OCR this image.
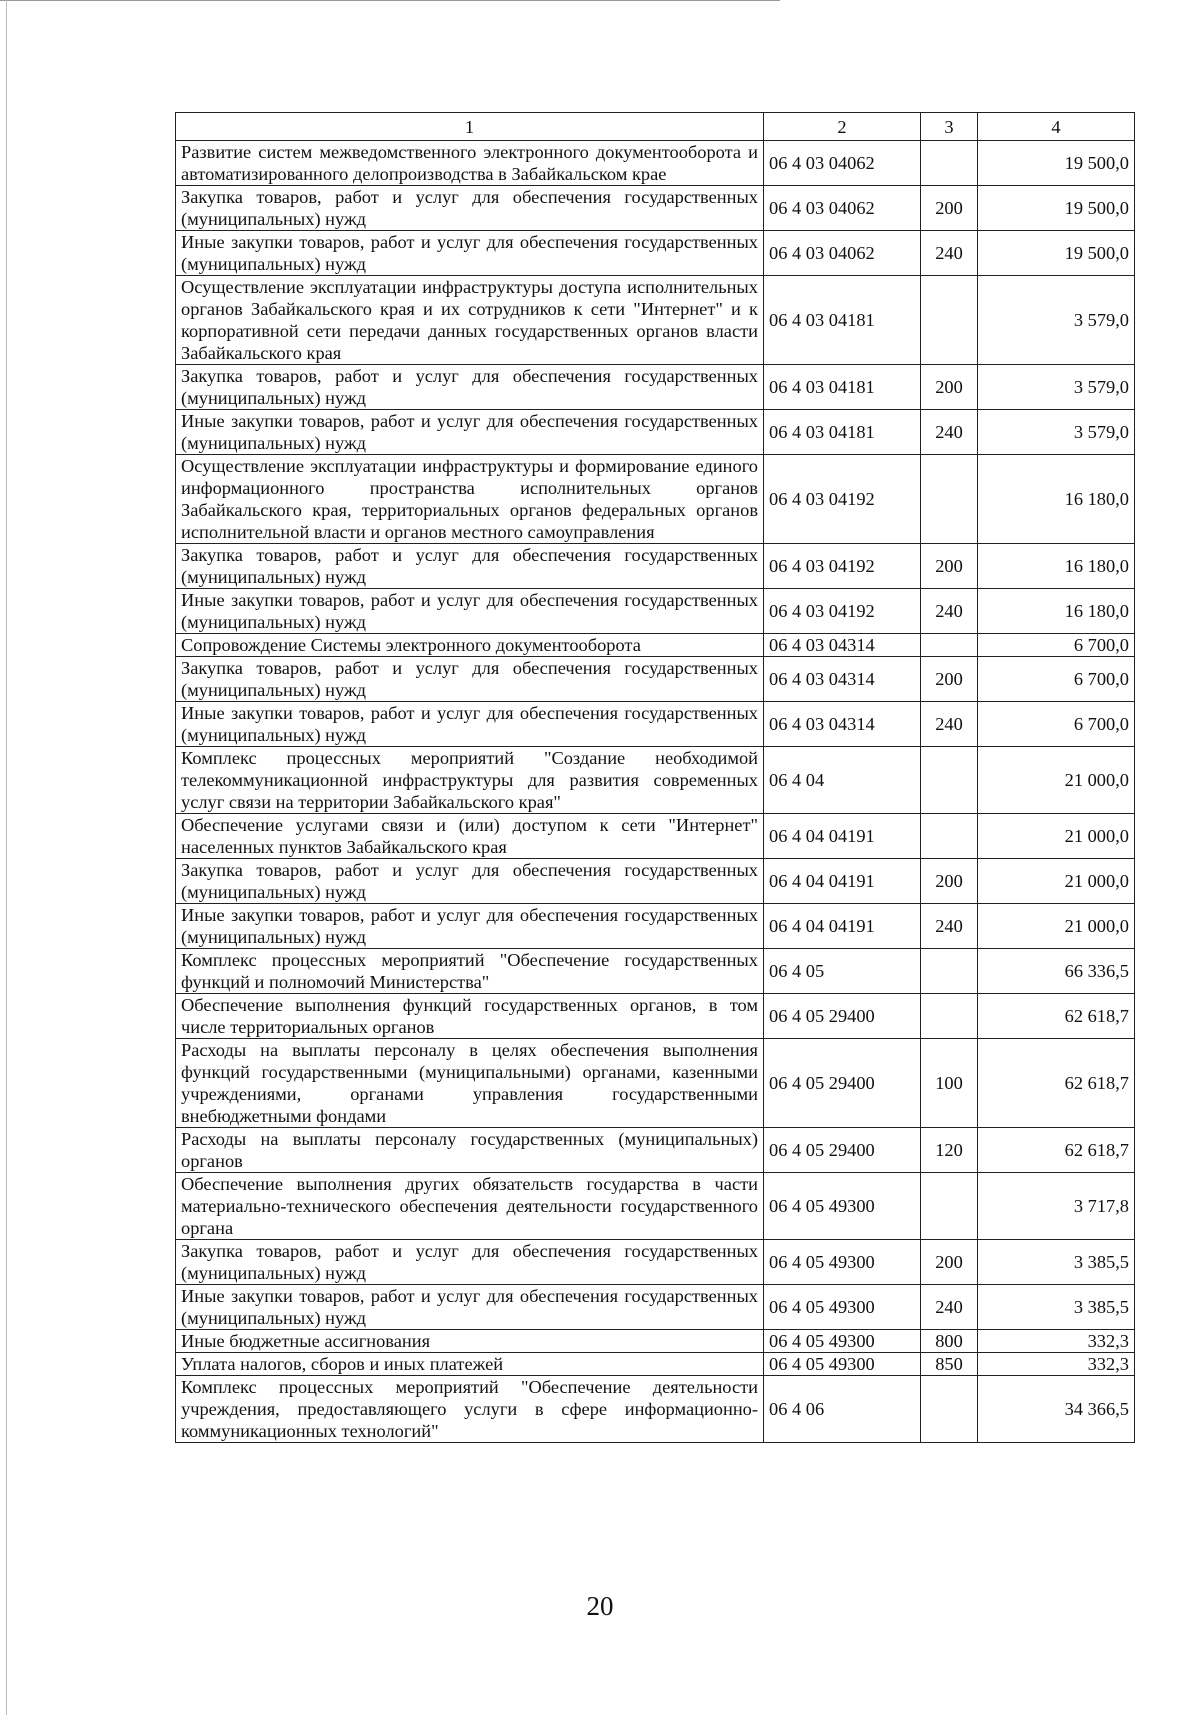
1	2	3	4
Развитие систем межведомственного электронного документооборота и автоматизированного делопроизводства в Забайкальском крае	06 4 03 04062		19 500,0
Закупка товаров, работ и услуг для обеспечения государственных (муниципальных) нужд	06 4 03 04062	200	19 500,0
Иные закупки товаров, работ и услуг для обеспечения государственных (муниципальных) нужд	06 4 03 04062	240	19 500,0
Осуществление эксплуатации инфраструктуры доступа исполнительных органов Забайкальского края и их сотрудников к сети "Интернет" и к корпоративной сети передачи данных государственных органов власти Забайкальского края	06 4 03 04181		3 579,0
Закупка товаров, работ и услуг для обеспечения государственных (муниципальных) нужд	06 4 03 04181	200	3 579,0
Иные закупки товаров, работ и услуг для обеспечения государственных (муниципальных) нужд	06 4 03 04181	240	3 579,0
Осуществление эксплуатации инфраструктуры и формирование единого информационного пространства исполнительных органов Забайкальского края, территориальных органов федеральных органов исполнительной власти и органов местного самоуправления	06 4 03 04192		16 180,0
Закупка товаров, работ и услуг для обеспечения государственных (муниципальных) нужд	06 4 03 04192	200	16 180,0
Иные закупки товаров, работ и услуг для обеспечения государственных (муниципальных) нужд	06 4 03 04192	240	16 180,0
Сопровождение Системы электронного документооборота	06 4 03 04314		6 700,0
Закупка товаров, работ и услуг для обеспечения государственных (муниципальных) нужд	06 4 03 04314	200	6 700,0
Иные закупки товаров, работ и услуг для обеспечения государственных (муниципальных) нужд	06 4 03 04314	240	6 700,0
Комплекс процессных мероприятий "Создание необходимой телекоммуникационной инфраструктуры для развития современных услуг связи на территории Забайкальского края"	06 4 04		21 000,0
Обеспечение услугами связи и (или) доступом к сети "Интернет" населенных пунктов Забайкальского края	06 4 04 04191		21 000,0
Закупка товаров, работ и услуг для обеспечения государственных (муниципальных) нужд	06 4 04 04191	200	21 000,0
Иные закупки товаров, работ и услуг для обеспечения государственных (муниципальных) нужд	06 4 04 04191	240	21 000,0
Комплекс процессных мероприятий "Обеспечение государственных функций и полномочий Министерства"	06 4 05		66 336,5
Обеспечение выполнения функций государственных органов, в том числе территориальных органов	06 4 05 29400		62 618,7
Расходы на выплаты персоналу в целях обеспечения выполнения функций государственными (муниципальными) органами, казенными учреждениями, органами управления государственными внебюджетными фондами	06 4 05 29400	100	62 618,7
Расходы на выплаты персоналу государственных (муниципальных) органов	06 4 05 29400	120	62 618,7
Обеспечение выполнения других обязательств государства в части материально-технического обеспечения деятельности государственного органа	06 4 05 49300		3 717,8
Закупка товаров, работ и услуг для обеспечения государственных (муниципальных) нужд	06 4 05 49300	200	3 385,5
Иные закупки товаров, работ и услуг для обеспечения государственных (муниципальных) нужд	06 4 05 49300	240	3 385,5
Иные бюджетные ассигнования	06 4 05 49300	800	332,3
Уплата налогов, сборов и иных платежей	06 4 05 49300	850	332,3
Комплекс процессных мероприятий "Обеспечение деятельности учреждения, предоставляющего услуги в сфере информационно-коммуникационных технологий"	06 4 06		34 366,5
20
